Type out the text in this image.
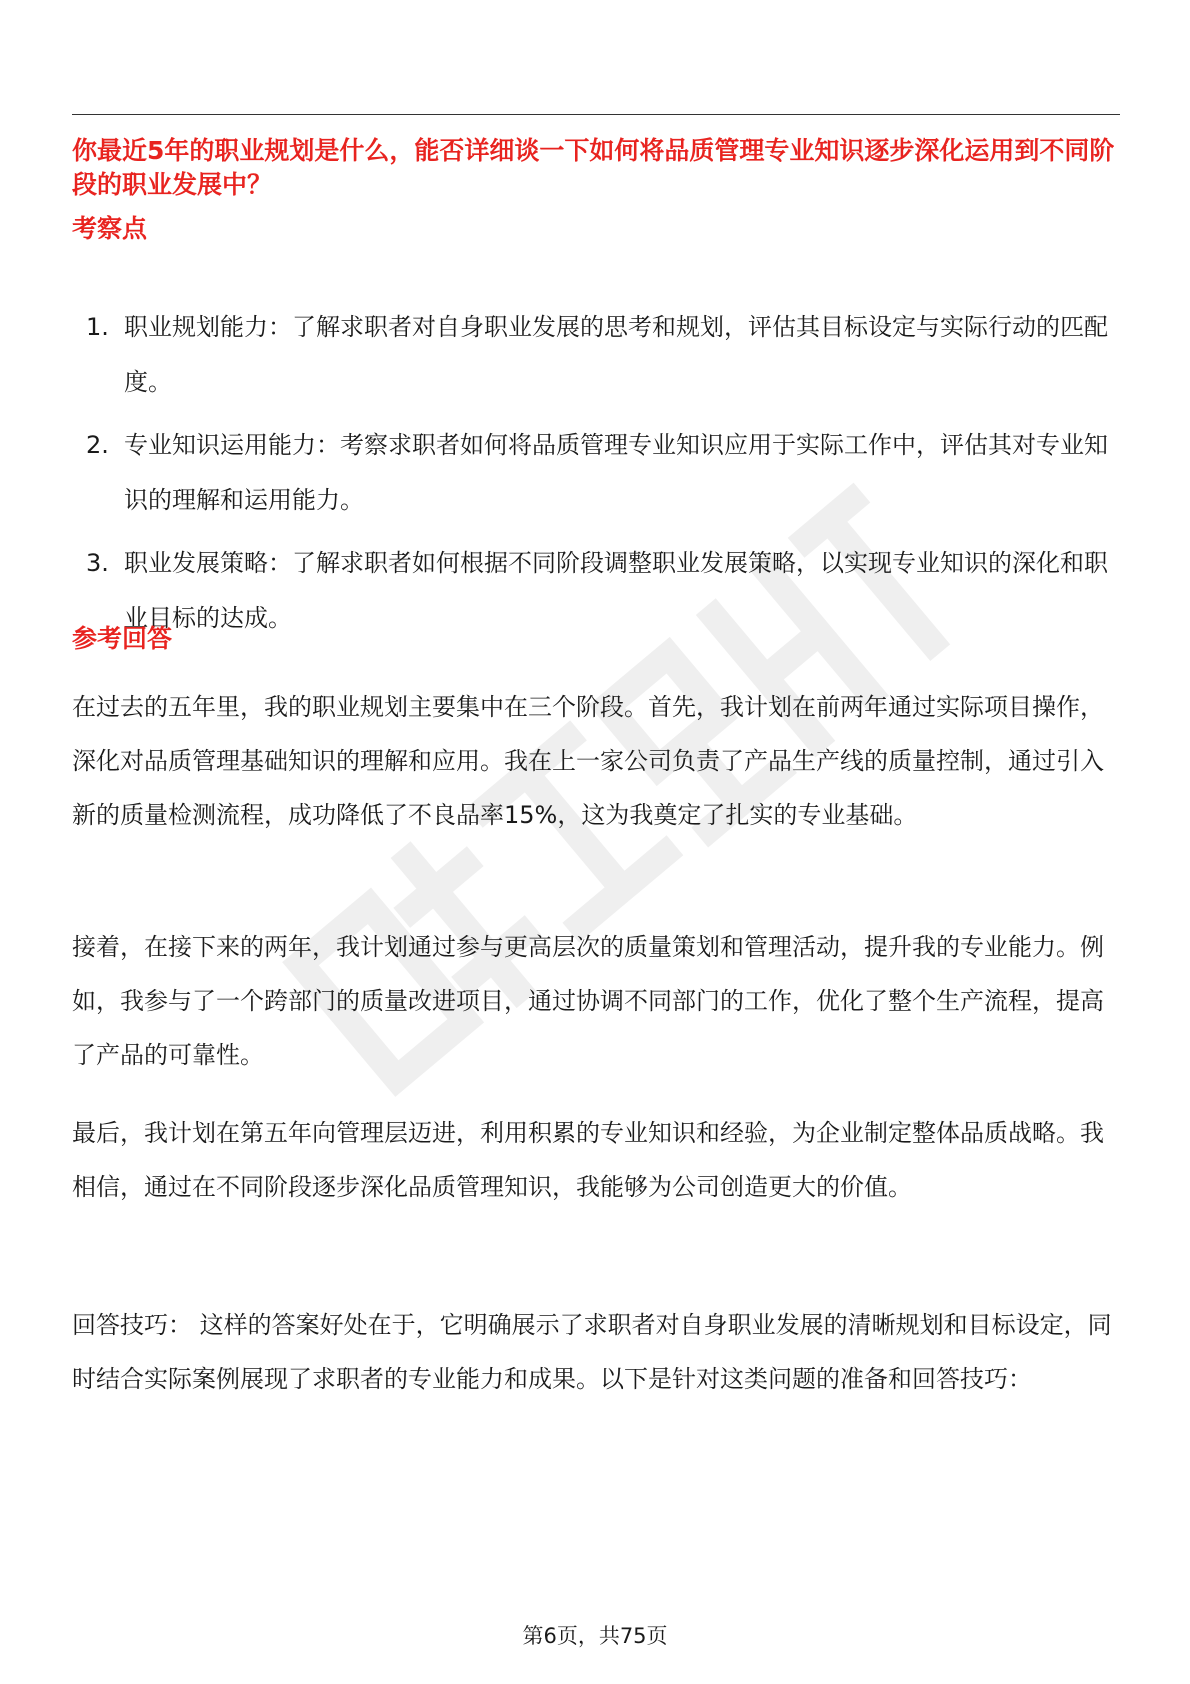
你最近5年的职业规划是什么，能否详细谈一下如何将品质管理专业知识逐步深化运用到不同阶段的职业发展中？
考察点
1. 职业规划能力：了解求职者对自身职业发展的思考和规划，评估其目标设定与实际行动的匹配度。
2. 专业知识运用能力：考察求职者如何将品质管理专业知识应用于实际工作中，评估其对专业知识的理解和运用能力。
3. 职业发展策略：了解求职者如何根据不同阶段调整职业发展策略，以实现专业知识的深化和职业目标的达成。
参考回答

在过去的五年里，我的职业规划主要集中在三个阶段。首先，我计划在前两年通过实际项目操作，深化对品质管理基础知识的理解和应用。我在上一家公司负责了产品生产线的质量控制，通过引入新的质量检测流程，成功降低了不良品率15%，这为我奠定了扎实的专业基础。

接着，在接下来的两年，我计划通过参与更高层次的质量策划和管理活动，提升我的专业能力。例如，我参与了一个跨部门的质量改进项目，通过协调不同部门的工作，优化了整个生产流程，提高了产品的可靠性。

最后，我计划在第五年向管理层迈进，利用积累的专业知识和经验，为企业制定整体品质战略。我相信，通过在不同阶段逐步深化品质管理知识，我能够为公司创造更大的价值。

回答技巧： 这样的答案好处在于，它明确展示了求职者对自身职业发展的清晰规划和目标设定，同时结合实际案例展现了求职者的专业能力和成果。以下是针对这类问题的准备和回答技巧：

第6页，共75页
